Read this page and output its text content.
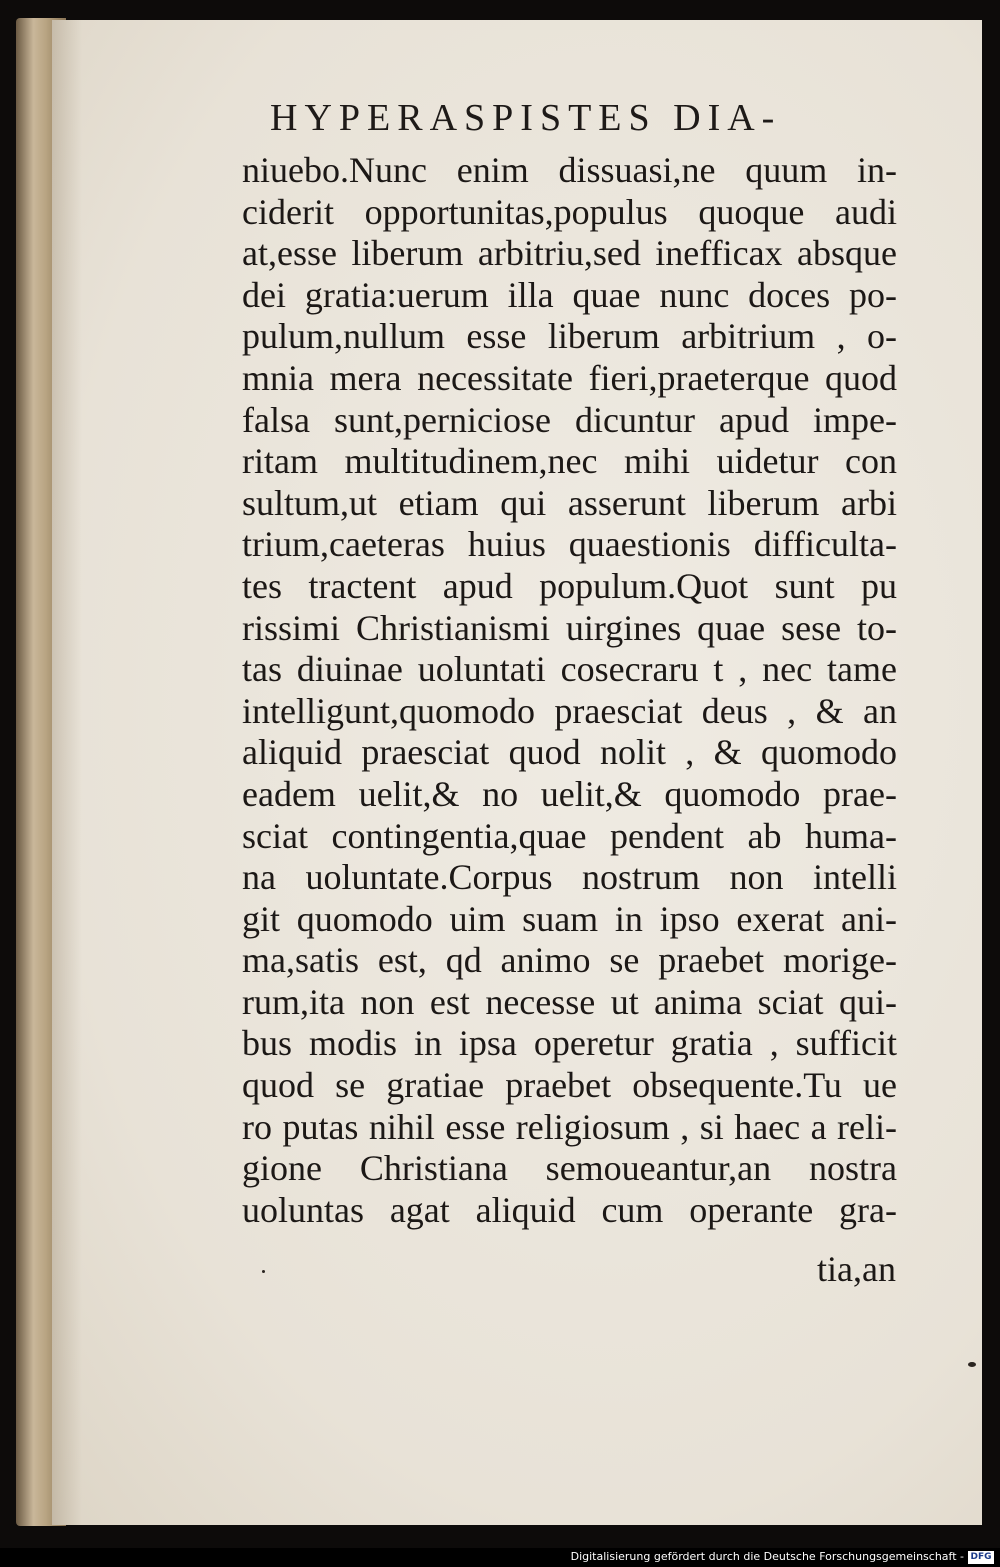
HYPERASPISTES DIA-
niuebo.Nunc enim dissuasi,ne quum in-
ciderit opportunitas,populus quoque audi
at,esse liberum arbitriu,sed inefficax absque
dei gratia:uerum illa quae nunc doces po-
pulum,nullum esse liberum arbitrium , o-
mnia mera necessitate fieri,praeterque quod
falsa sunt,perniciose dicuntur apud impe-
ritam multitudinem,nec mihi uidetur con
sultum,ut etiam qui asserunt liberum arbi
trium,caeteras huius quaestionis difficulta-
tes tractent apud populum.Quot sunt pu
rissimi Christianismi uirgines quae sese to-
tas diuinae uoluntati cosecraru t , nec tame
intelligunt,quomodo praesciat deus , & an
aliquid praesciat quod nolit , & quomodo
eadem uelit,& no uelit,& quomodo prae-
sciat contingentia,quae pendent ab huma-
na uoluntate.Corpus nostrum non intelli
git quomodo uim suam in ipso exerat ani-
ma,satis est, qd animo se praebet morige-
rum,ita non est necesse ut anima sciat qui-
bus modis in ipsa operetur gratia , sufficit
quod se gratiae praebet obsequente.Tu ue
ro putas nihil esse religiosum , si haec a reli-
gione Christiana semoueantur,an nostra
uoluntas agat aliquid cum operante gra-
tia,an
Digitalisierung gefördert durch die Deutsche Forschungsgemeinschaft - DFG
